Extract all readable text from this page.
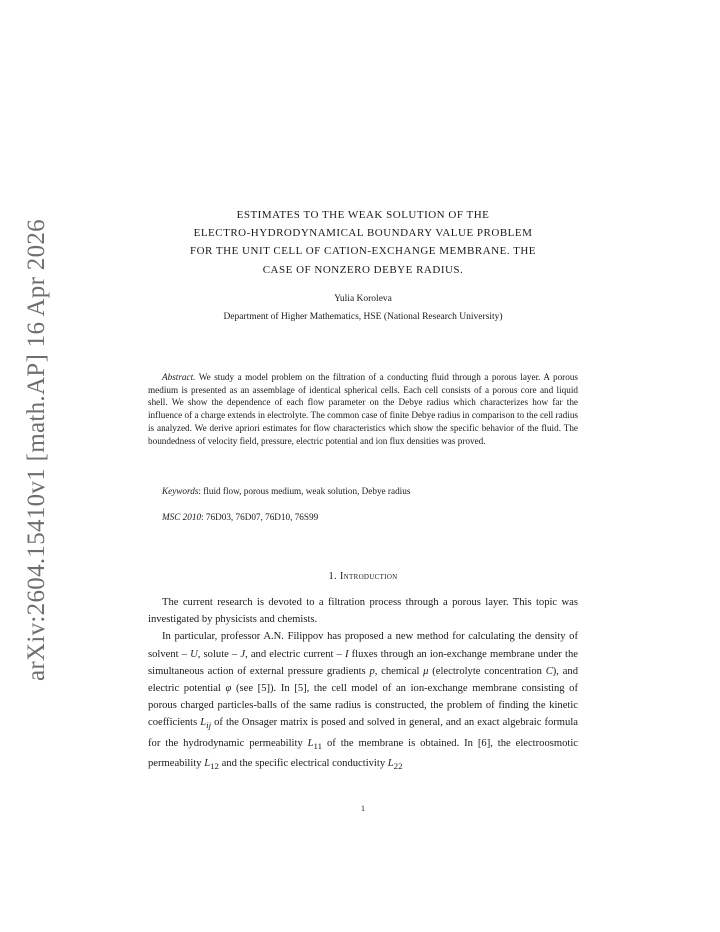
arXiv:2604.15410v1 [math.AP] 16 Apr 2026
ESTIMATES TO THE WEAK SOLUTION OF THE
ELECTRO-HYDRODYNAMICAL BOUNDARY VALUE PROBLEM
FOR THE UNIT CELL OF CATION-EXCHANGE MEMBRANE. THE
CASE OF NONZERO DEBYE RADIUS.
Yulia Koroleva
Department of Higher Mathematics, HSE (National Research University)
Abstract. We study a model problem on the filtration of a conducting fluid through a porous layer. A porous medium is presented as an assemblage of identical spherical cells. Each cell consists of a porous core and liquid shell. We show the dependence of each flow parameter on the Debye radius which characterizes how far the influence of a charge extends in electrolyte. The common case of finite Debye radius in comparison to the cell radius is analyzed. We derive apriori estimates for flow characteristics which show the specific behavior of the fluid. The boundedness of velocity field, pressure, electric potential and ion flux densities was proved.
Keywords: fluid flow, porous medium, weak solution, Debye radius
MSC 2010: 76D03, 76D07, 76D10, 76S99
1. Introduction

The current research is devoted to a filtration process through a porous layer. This topic was investigated by physicists and chemists.

In particular, professor A.N. Filippov has proposed a new method for calculating the density of solvent – U, solute – J, and electric current – I fluxes through an ion-exchange membrane under the simultaneous action of external pressure gradients p, chemical μ (electrolyte concentration C), and electric potential φ (see [5]). In [5], the cell model of an ion-exchange membrane consisting of porous charged particles-balls of the same radius is constructed, the problem of finding the kinetic coefficients $L_{ij}$ of the Onsager matrix is posed and solved in general, and an exact algebraic formula for the hydrodynamic permeability $L_{11}$ of the membrane is obtained. In [6], the electroosmotic permeability $L_{12}$ and the specific electrical conductivity $L_{22}$

1
